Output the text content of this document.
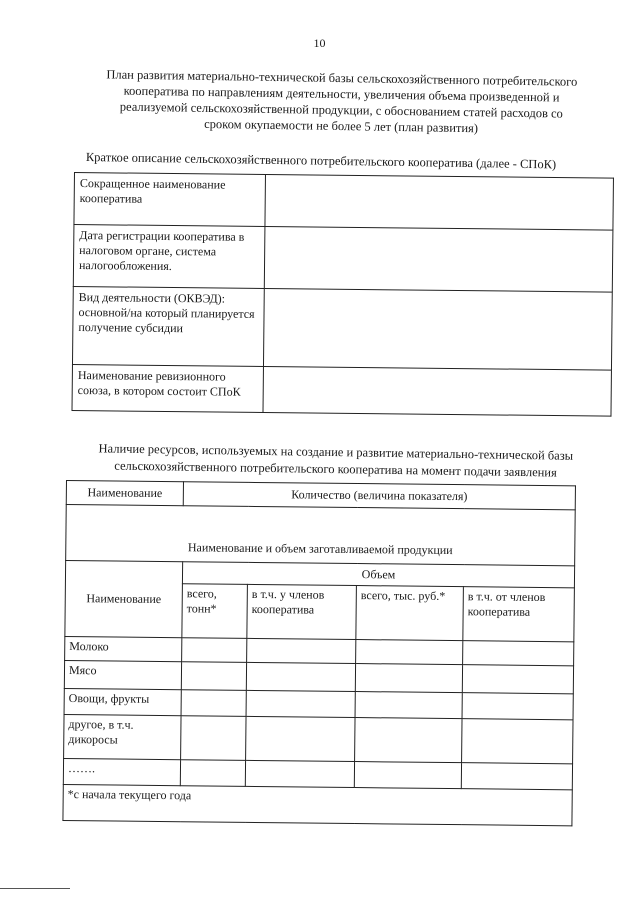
10
План развития материально-технической базы сельскохозяйственного потребительского
кооператива по направлениям деятельности, увеличения объема произведенной и
реализуемой сельскохозяйственной продукции, с обоснованием статей расходов со
сроком окупаемости не более 5 лет (план развития)
Краткое описание сельскохозяйственного потребительского кооператива (далее - СПоК)
Сокращенное наименование кооператива	
Дата регистрации кооператива в налоговом органе, система налогообложения.	
Вид деятельности (ОКВЭД): основной/на который планируется получение субсидии	
Наименование ревизионного союза, в котором состоит СПоК	
Наличие ресурсов, используемых на создание и развитие материально-технической базы
сельскохозяйственного потребительского кооператива на момент подачи заявления
Наименование	Количество (величина показателя)			
Наименование и объем заготавливаемой продукции				
Наименование	Объем			
	всего, тонн*	в т.ч. у членов кооператива	всего, тыс. руб.*	в т.ч. от членов кооператива
Молоко				
Мясо				
Овощи, фрукты				
другое, в т.ч. дикоросы				
…….				
*с начала текущего года				
